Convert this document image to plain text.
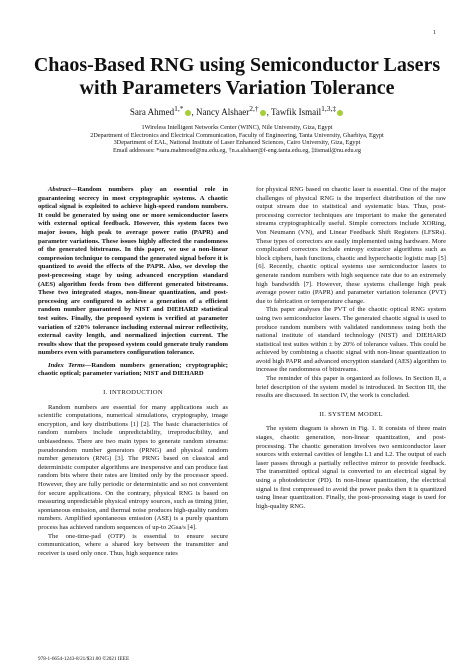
1
Chaos-Based RNG using Semiconductor Lasers with Parameters Variation Tolerance
Sara Ahmed$^{1,*}$ , Nancy Alshaer$^{2,\dagger}$ , Tawfik Ismail$^{1,3,\ddagger}$
1Wireless Intelligent Networks Center (WINC), Nile University, Giza, Egypt
2Department of Electronics and Electrical Communication, Faculty of Engineering, Tanta University, Gharbiya, Egypt
3Department of EAL, National Institute of Laser Enhanced Sciences, Cairo University, Giza, Egypt
Email addresses: *sara.mahmoud@nu.edu.eg, †n.a.alshaer@f-eng.tanta.edu.eg, ‡tismail@nu.edu.eg

Abstract—Random numbers play an essential role in guaranteeing secrecy in most cryptographic systems. A chaotic optical signal is exploited to achieve high-speed random numbers. It could be generated by using one or more semiconductor lasers with external optical feedback. However, this system faces two major issues, high peak to average power ratio (PAPR) and parameter variations. These issues highly affected the randomness of the generated bitstreams. In this paper, we use a non-linear compression technique to compand the generated signal before it is quantized to avoid the effects of the PAPR. Also, we develop the post-processing stage by using advanced encryption standard (AES) algorithm feeds from two different generated bitstreams. These two integrated stages, non-linear quantization, and post-processing are configured to achieve a generation of a efficient random number guaranteed by NIST and DIEHARD statistical test suites. Finally, the proposed system is verified at parameter variation of ±20% tolerance including external mirror reflectivity, external cavity length, and normalized injection current. The results show that the proposed system could generate truly random numbers even with parameters configuration tolerance.

Index Terms—Random numbers generation; cryptographic; chaotic optical; parameter variation; NIST and DIEHARD

I. INTRODUCTION

Random numbers are essential for many applications such as scientific computations, numerical simulations, cryptography, image encryption, and key distributions [1] [2]. The basic characteristics of random numbers include unpredictability, irreproducibility, and unbiasedness. There are two main types to generate random streams: pseudorandom number generators (PRNG) and physical random number generators (RNG) [3]. The PRNG based on classical and deterministic computer algorithms are inexpensive and can produce fast random bits where their rates are limited only by the processor speed. However, they are fully periodic or deterministic and so not convenient for secure applications. On the contrary, physical RNG is based on measuring unpredictable physical entropy sources, such as timing jitter, spontaneous emission, and thermal noise produces high-quality random numbers. Amplified spontaneous emission (ASE) is a purely quantum process has achieved random sequences of up-to 2Gsa/s [4].

The one-time-pad (OTP) is essential to ensure secure communication, where a shared key between the transmitter and receiver is used only once. Thus, high sequence rates

for physical RNG based on chaotic laser is essential. One of the major challenges of physical RNG is the imperfect distribution of the raw output stream due to statistical and systematic bias. Thus, post-processing corrector techniques are important to make the generated streams cryptographically useful. Simple correctors include XORing, Von Neumann (VN), and Linear Feedback Shift Registers (LFSRs). These types of correctors are easily implemented using hardware. More complicated correctors include entropy extractor algorithms such as block ciphers, hash functions, chaotic and hyperchaotic logistic map [5] [6]. Recently, chaotic optical systems use semiconductor lasers to generate random numbers with high sequence rate due to an extremely high bandwidth [7]. However, these systems challenge high peak average power ratio (PAPR) and parameter variation tolerance (PVT) due to fabrication or temperature change.

This paper analyses the PVT of the chaotic optical RNG system using two semiconductor lasers. The generated chaotic signal is used to produce random numbers with validated randomness using both the national institute of standard technology (NIST) and DIEHARD statistical test suites within ± by 20% of tolerance values. This could be achieved by combining a chaotic signal with non-linear quantization to avoid high PAPR and advanced encryption standard (AES) algorithm to increase the randomness of bitstreams.

The reminder of this paper is organized as follows. In Section II, a brief description of the system model is introduced. In Section III, the results are discussed. In section IV, the work is concluded.

II. SYSTEM MODEL

The system diagram is shown in Fig. 1. It consists of three main stages, chaotic generation, non-linear quantization, and post-processing. The chaotic generation involves two semiconductor laser sources with external cavities of lengths L1 and L2. The output of each laser passes through a partially reflective mirror to provide feedback. The transmitted optical signal is converted to an electrical signal by using a photodetector (PD). In non-linear quantization, the electrical signal is first compressed to avoid the power peaks then it is quantized using linear quantization. Finally, the post-processing stage is used for high-quality RNG.

978-1-6654-1243-8/21/$31.00 ©2021 IEEE
